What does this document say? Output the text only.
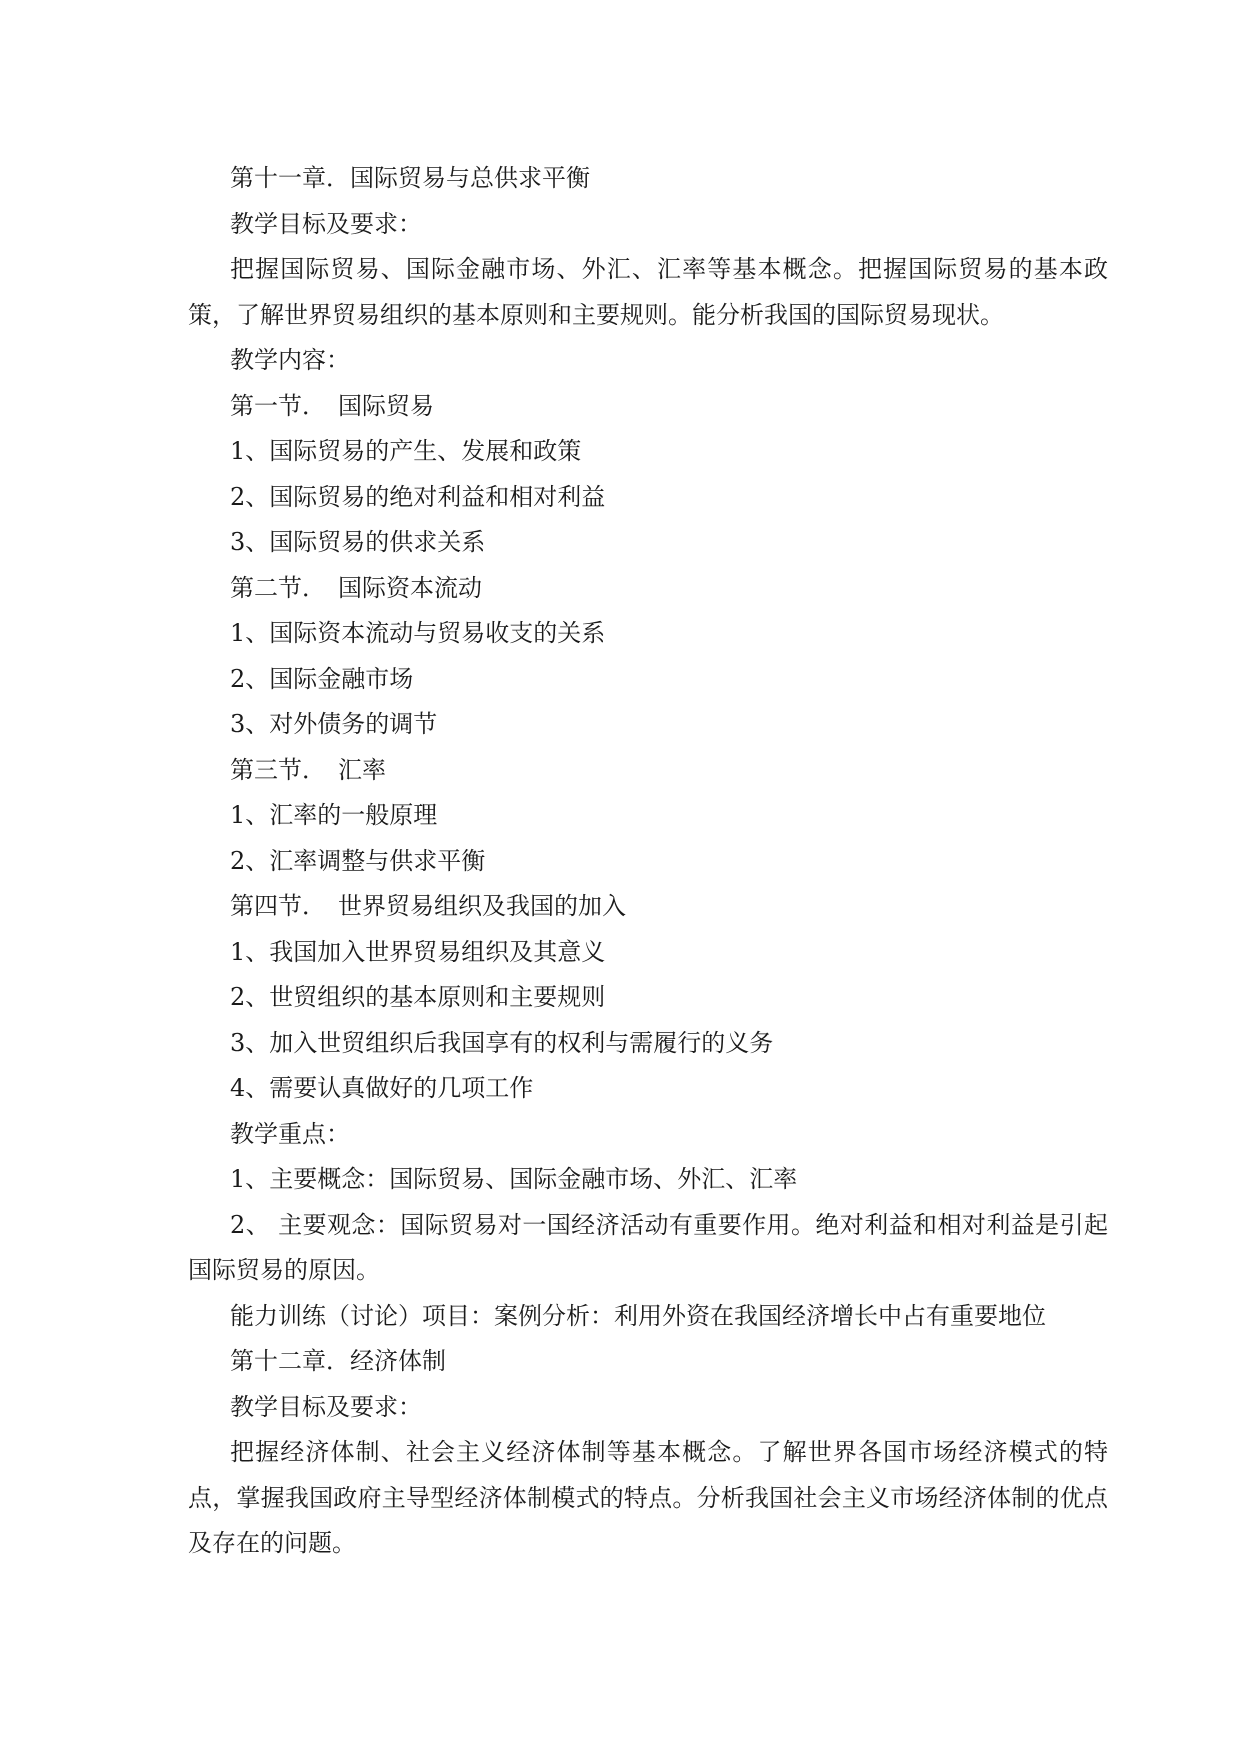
第十一章．国际贸易与总供求平衡

教学目标及要求：

把握国际贸易、国际金融市场、外汇、汇率等基本概念。把握国际贸易的基本政策，了解世界贸易组织的基本原则和主要规则。能分析我国的国际贸易现状。

教学内容：

第一节．　国际贸易

1、国际贸易的产生、发展和政策

2、国际贸易的绝对利益和相对利益

3、国际贸易的供求关系

第二节．　国际资本流动

1、国际资本流动与贸易收支的关系

2、国际金融市场

3、对外债务的调节

第三节．　汇率

1、汇率的一般原理

2、汇率调整与供求平衡

第四节．　世界贸易组织及我国的加入

1、我国加入世界贸易组织及其意义

2、世贸组织的基本原则和主要规则

3、加入世贸组织后我国享有的权利与需履行的义务

4、需要认真做好的几项工作

教学重点：

1、主要概念：国际贸易、国际金融市场、外汇、汇率

2、 主要观念：国际贸易对一国经济活动有重要作用。绝对利益和相对利益是引起国际贸易的原因。

能力训练（讨论）项目：案例分析：利用外资在我国经济增长中占有重要地位

第十二章．经济体制

教学目标及要求：

把握经济体制、社会主义经济体制等基本概念。了解世界各国市场经济模式的特点，掌握我国政府主导型经济体制模式的特点。分析我国社会主义市场经济体制的优点及存在的问题。
